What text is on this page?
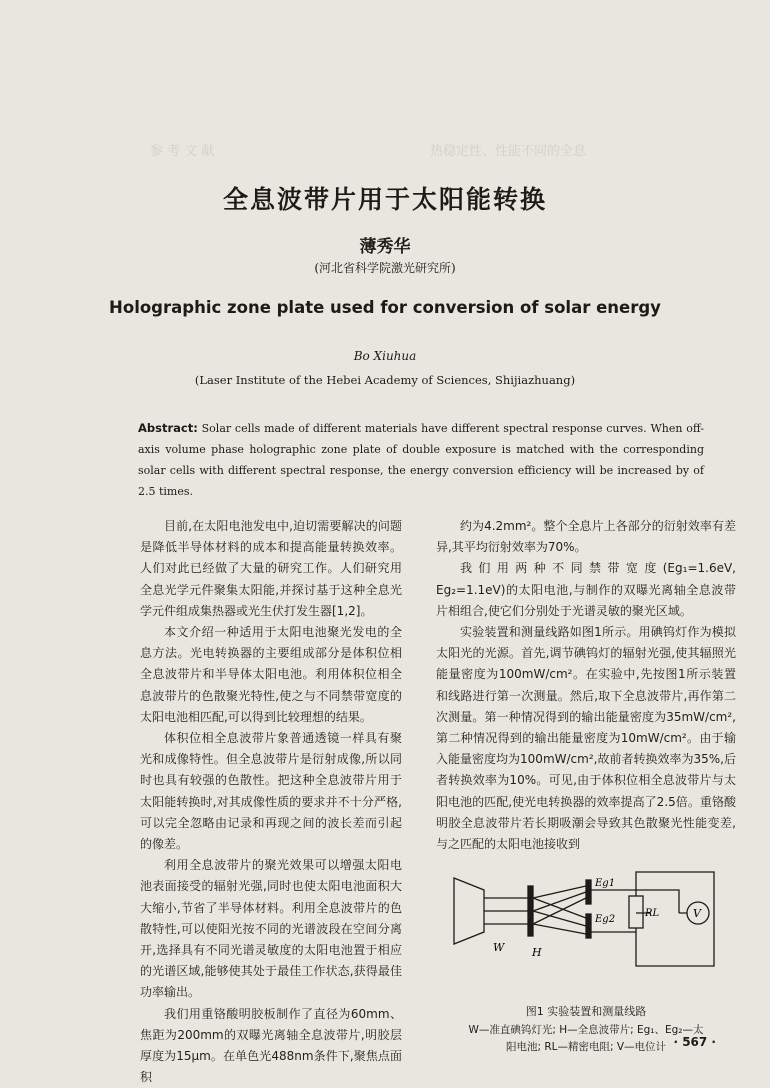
参 考 文 献	热稳定性、性能不同的全息
全息波带片用于太阳能转换
薄秀华
(河北省科学院激光研究所)
Holographic zone plate used for conversion of solar energy
Bo Xiuhua
(Laser Institute of the Hebei Academy of Sciences, Shijiazhuang)
Abstract: Solar cells made of different materials have different spectral response curves. When off-axis volume phase holographic zone plate of double exposure is matched with the corresponding solar cells with different spectral response, the energy conversion efficiency will be increased by of 2.5 times.

目前,在太阳电池发电中,迫切需要解决的问题是降低半导体材料的成本和提高能量转换效率。人们对此已经做了大量的研究工作。人们研究用全息光学元件聚集太阳能,并探讨基于这种全息光学元件组成集热器或光生伏打发生器[1,2]。

本文介绍一种适用于太阳电池聚光发电的全息方法。光电转换器的主要组成部分是体积位相全息波带片和半导体太阳电池。利用体积位相全息波带片的色散聚光特性,使之与不同禁带宽度的太阳电池相匹配,可以得到比较理想的结果。

体积位相全息波带片象普通透镜一样具有聚光和成像特性。但全息波带片是衍射成像,所以同时也具有较强的色散性。把这种全息波带片用于太阳能转换时,对其成像性质的要求并不十分严格,可以完全忽略由记录和再现之间的波长差而引起的像差。

利用全息波带片的聚光效果可以增强太阳电池表面接受的辐射光强,同时也使太阳电池面积大大缩小,节省了半导体材料。利用全息波带片的色散特性,可以使阳光按不同的光谱波段在空间分离开,选择具有不同光谱灵敏度的太阳电池置于相应的光谱区域,能够使其处于最佳工作状态,获得最佳功率输出。

我们用重铬酸明胶板制作了直径为60mm、焦距为200mm的双曝光离轴全息波带片,明胶层厚度为15μm。在单色光488nm条件下,聚焦点面积

约为4.2mm²。整个全息片上各部分的衍射效率有差异,其平均衍射效率为70%。

我们用两种不同禁带宽度(Eg₁=1.6eV, Eg₂=1.1eV)的太阳电池,与制作的双曝光离轴全息波带片相组合,使它们分别处于光谱灵敏的聚光区域。

实验装置和测量线路如图1所示。用碘钨灯作为模拟太阳光的光源。首先,调节碘钨灯的辐射光强,使其辐照光能量密度为100mW/cm²。在实验中,先按图1所示装置和线路进行第一次测量。然后,取下全息波带片,再作第二次测量。第一种情况得到的输出能量密度为35mW/cm²,第二种情况得到的输出能量密度为10mW/cm²。由于输入能量密度均为100mW/cm²,故前者转换效率为35%,后者转换效率为10%。可见,由于体积位相全息波带片与太阳电池的匹配,使光电转换器的效率提高了2.5倍。重铬酸明胶全息波带片若长期吸潮会导致其色散聚光性能变差,与之匹配的太阳电池接收到

W	H
Eg1
Eg2
RL	V
图1 实验装置和测量线路
W—准直碘钨灯光; H—全息波带片; Eg₁、Eg₂—太
阳电池; RL—精密电阻; V—电位计 · 567 ·
